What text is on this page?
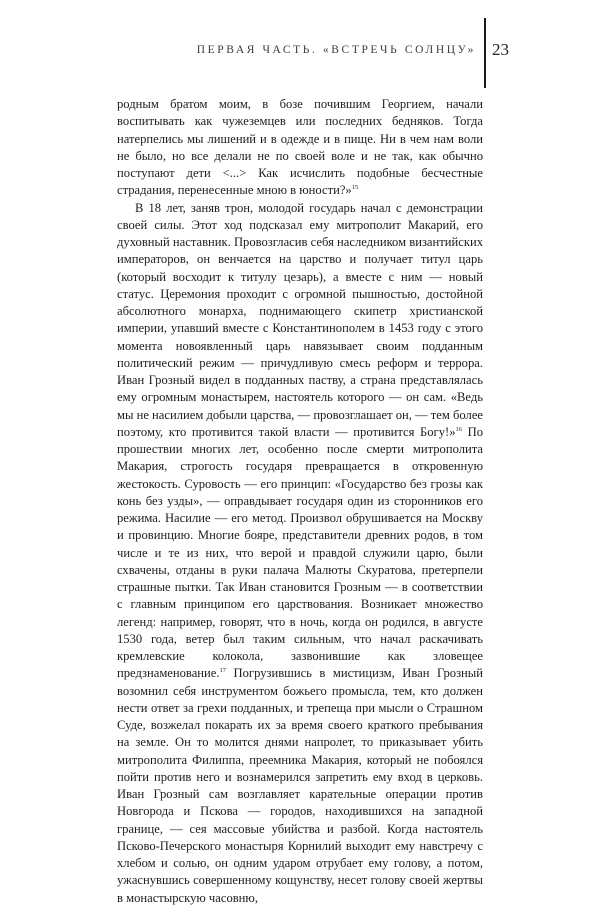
ПЕРВАЯ ЧАСТЬ. «ВСТРЕЧЬ СОЛНЦУ» 23

родным братом моим, в бозе почившим Георгием, начали воспитывать как чужеземцев или последних бедняков. Тогда натерпелись мы лишений и в одежде и в пище. Ни в чем нам воли не было, но все делали не по своей воле и не так, как обычно поступают дети <...> Как исчислить подобные бесчестные страдания, перенесенные мною в юности?»$^{15}$

В 18 лет, заняв трон, молодой государь начал с демонстрации своей силы. Этот ход подсказал ему митрополит Макарий, его духовный наставник. Провозгласив себя наследником византийских императоров, он венчается на царство и получает титул царь (который восходит к титулу цезарь), а вместе с ним — новый статус. Церемония проходит с огромной пышностью, достойной абсолютного монарха, поднимающего скипетр христианской империи, упавший вместе с Константинополем в 1453 году с этого момента новоявленный царь навязывает своим подданным политический режим — причудливую смесь реформ и террора. Иван Грозный видел в подданных паству, а страна представлялась ему огромным монастырем, настоятель которого — он сам. «Ведь мы не насилием добыли царства, — провозглашает он, — тем более поэтому, кто противится такой власти — противится Богу!»$^{16}$ По прошествии многих лет, особенно после смерти митрополита Макария, строгость государя превращается в откровенную жестокость. Суровость — его принцип: «Государство без грозы как конь без узды», — оправдывает государя один из сторонников его режима. Насилие — его метод. Произвол обрушивается на Москву и провинцию. Многие бояре, представители древних родов, в том числе и те из них, что верой и правдой служили царю, были схвачены, отданы в руки палача Малюты Скуратова, претерпели страшные пытки. Так Иван становится Грозным — в соответствии с главным принципом его царствования. Возникает множество легенд: например, говорят, что в ночь, когда он родился, в августе 1530 года, ветер был таким сильным, что начал раскачивать кремлевские колокола, зазвонившие как зловещее предзнаменование.$^{17}$ Погрузившись в мистицизм, Иван Грозный возомнил себя инструментом божьего промысла, тем, кто должен нести ответ за грехи подданных, и трепеща при мысли о Страшном Суде, возжелал покарать их за время своего краткого пребывания на земле. Он то молится днями напролет, то приказывает убить митрополита Филиппа, преемника Макария, который не побоялся пойти против него и вознамерился запретить ему вход в церковь. Иван Грозный сам возглавляет карательные операции против Новгорода и Пскова — городов, находившихся на западной границе, — сея массовые убийства и разбой. Когда настоятель Псково-Печерского монастыря Корнилий выходит ему навстречу с хлебом и солью, он одним ударом отрубает ему голову, а потом, ужаснувшись совершенному кощунству, несет голову своей жертвы в монастырскую часовню,
